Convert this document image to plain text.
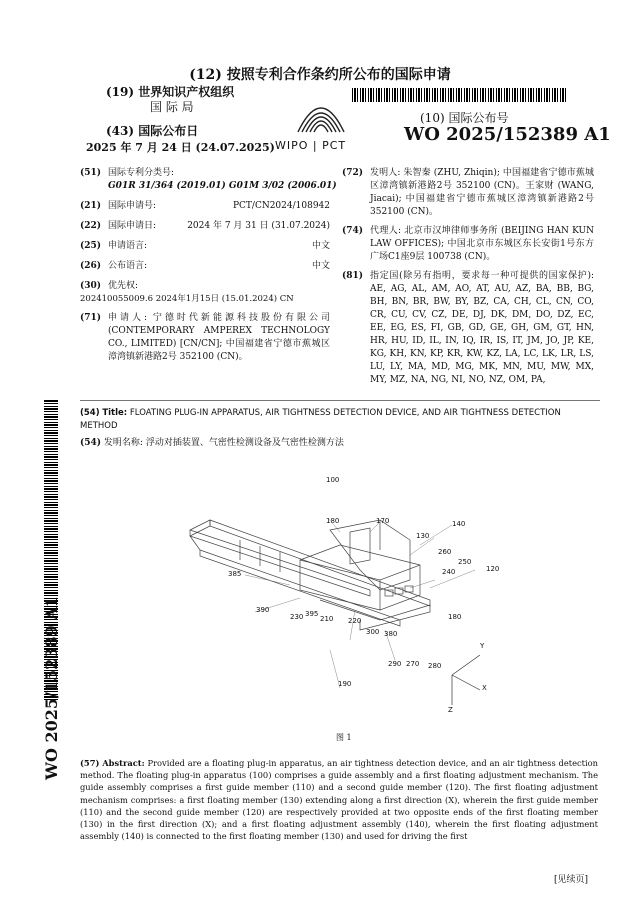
(12) 按照专利合作条约所公布的国际申请
(19) 世界知识产权组织
国 际 局
(43) 国际公布日
2025 年 7 月 24 日 (24.07.2025) WIPO | PCT
(10) 国际公布号
WO 2025/152389 A1
(51) 国际专利分类号:
G01R 31/364 (2019.01) G01M 3/02 (2006.01)
(21) 国际申请号:	PCT/CN2024/108942
(22) 国际申请日:	2024 年 7 月 31 日 (31.07.2024)
(25) 申请语言:	中文
(26) 公布语言:	中文
(30) 优先权:
202410055009.6 2024年1月15日 (15.01.2024) CN
(71) 申请人: 宁德时代新能源科技股份有限公司 (CONTEMPORARY AMPEREX TECHNOLOGY CO., LIMITED) [CN/CN]; 中国福建省宁德市蕉城区漳湾镇新港路2号 352100 (CN)。
(72) 发明人: 朱智秦 (ZHU, Zhiqin); 中国福建省宁德市蕉城区漳湾镇新港路2号 352100 (CN)。王家财 (WANG, Jiacai); 中国福建省宁德市蕉城区漳湾镇新港路2号 352100 (CN)。
(74) 代理人: 北京市汉坤律师事务所 (BEIJING HAN KUN LAW OFFICES); 中国北京市东城区东长安街1号东方广场C1座9层 100738 (CN)。
(81) 指定国(除另有指明，要求每一种可提供的国家保护): AE, AG, AL, AM, AO, AT, AU, AZ, BA, BB, BG, BH, BN, BR, BW, BY, BZ, CA, CH, CL, CN, CO, CR, CU, CV, CZ, DE, DJ, DK, DM, DO, DZ, EC, EE, EG, ES, FI, GB, GD, GE, GH, GM, GT, HN, HR, HU, ID, IL, IN, IQ, IR, IS, IT, JM, JO, JP, KE, KG, KH, KN, KP, KR, KW, KZ, LA, LC, LK, LR, LS, LU, LY, MA, MD, MG, MK, MN, MU, MW, MX, MY, MZ, NA, NG, NI, NO, NZ, OM, PA,
(54) Title: FLOATING PLUG-IN APPARATUS, AIR TIGHTNESS DETECTION DEVICE, AND AIR TIGHTNESS DETECTION METHOD
(54) 发明名称: 浮动对插装置、气密性检测设备及气密性检测方法
100
180	170	140
130
260
250
240	120
385
390
230 395
210 220	180
300 380
290 270 280
190
Y
X
Z
图 1
(57) Abstract: Provided are a floating plug-in apparatus, an air tightness detection device, and an air tightness detection method. The floating plug-in apparatus (100) comprises a guide assembly and a first floating adjustment mechanism. The guide assembly comprises a first guide member (110) and a second guide member (120). The first floating adjustment mechanism comprises: a first floating member (130) extending along a first direction (X), wherein the first guide member (110) and the second guide member (120) are respectively provided at two opposite ends of the first floating member (130) in the first direction (X); and a first floating adjustment assembly (140), wherein the first floating adjustment assembly (140) is connected to the first floating member (130) and used for driving the first
WO 2025/152389 A1
[见续页]
